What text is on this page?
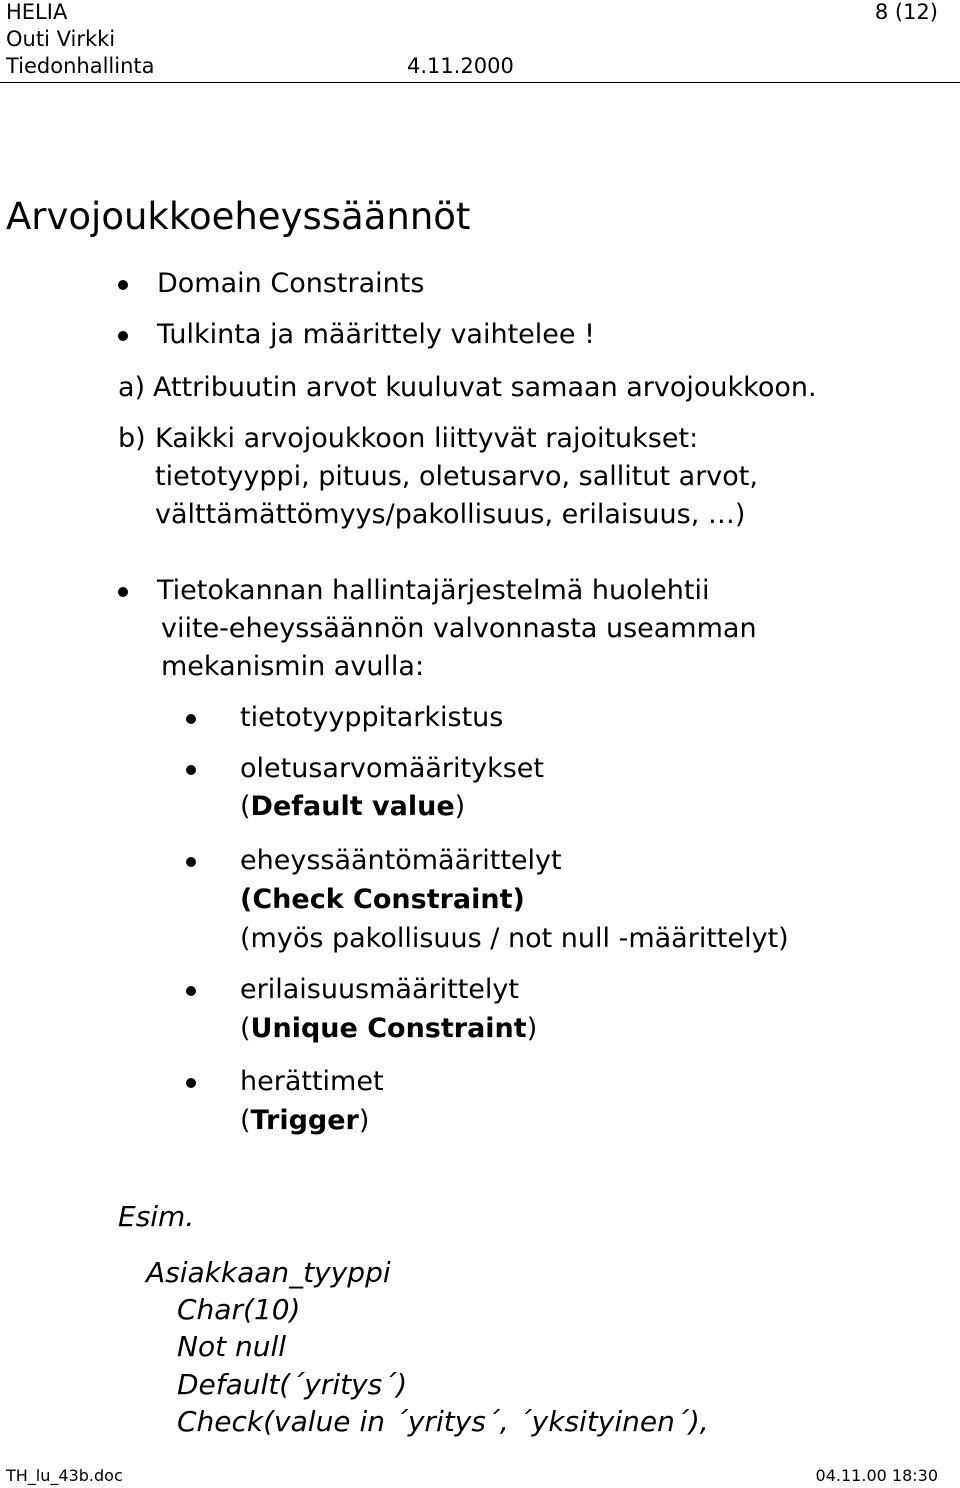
HELIA
Outi Virkki
Tiedonhallinta	4.11.2000
8 (12)
Arvojoukkoeheyssäännöt
Domain Constraints
Tulkinta ja määrittely vaihtelee !
a) Attribuutin arvot kuuluvat samaan arvojoukkoon.
b) Kaikki arvojoukkoon liittyvät rajoitukset:
tietotyyppi, pituus, oletusarvo, sallitut arvot,
välttämättömyys/pakollisuus, erilaisuus, …)
Tietokannan hallintajärjestelmä huolehtii
viite-eheyssäännön valvonnasta useamman
mekanismin avulla:
tietotyyppitarkistus
oletusarvomääritykset
(Default value)
eheyssääntömäärittelyt
(Check Constraint)
(myös pakollisuus / not null -määrittelyt)
erilaisuusmäärittelyt
(Unique Constraint)
herättimet
(Trigger)
Esim.
Asiakkaan_tyyppi
Char(10)
Not null
Default(´yritys´)
Check(value in ´yritys´, ´yksityinen´),
TH_lu_43b.doc	04.11.00 18:30
